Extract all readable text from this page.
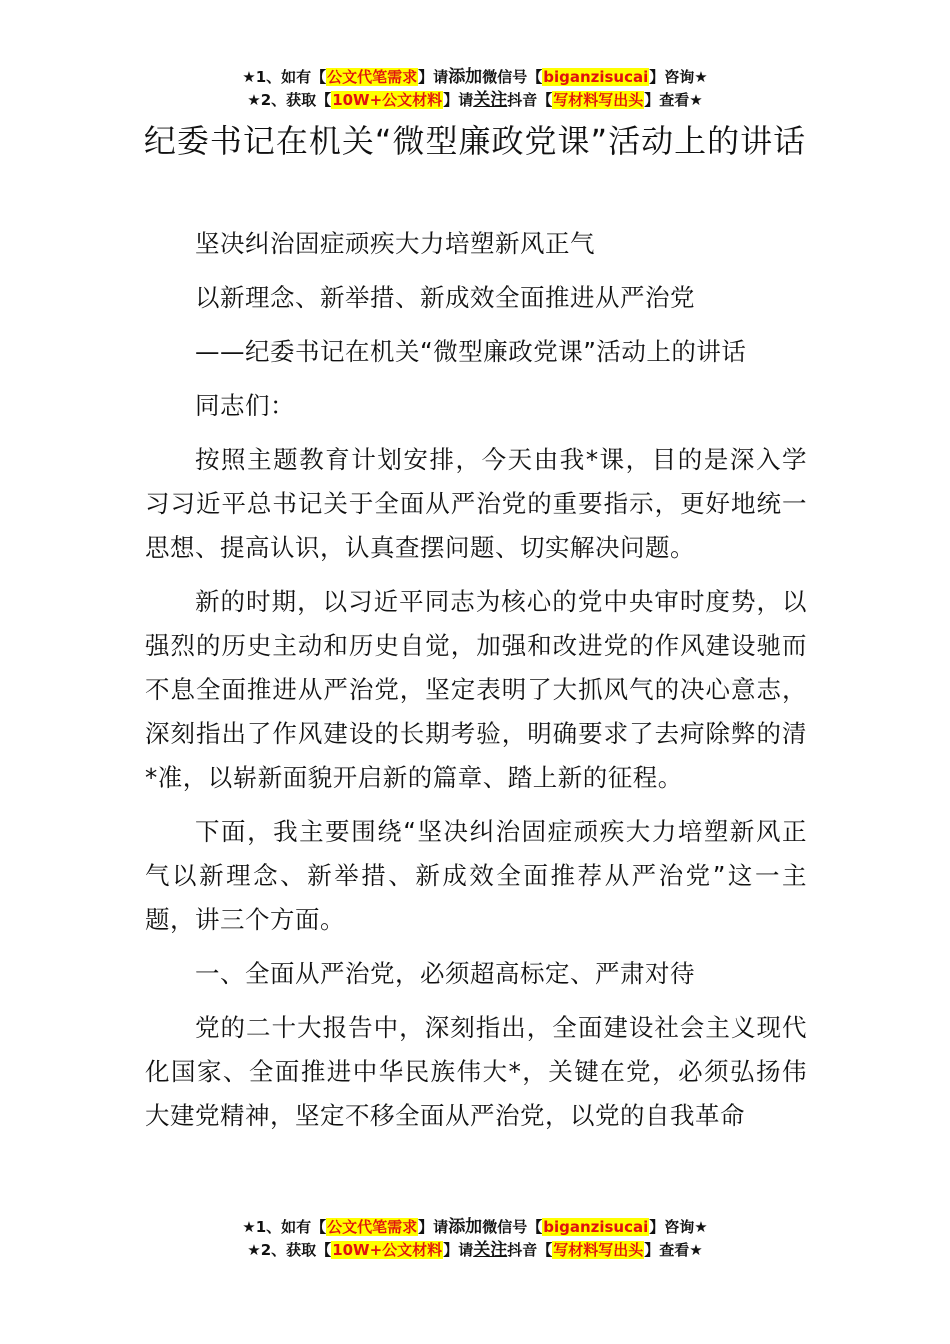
★1、如有【公文代笔需求】请添加微信号【biganzisucai】咨询★
★2、获取【10W+公文材料】请关注抖音【写材料写出头】查看★
纪委书记在机关“微型廉政党课”活动上的讲话

坚决纠治固症顽疾大力培塑新风正气

以新理念、新举措、新成效全面推进从严治党

——纪委书记在机关“微型廉政党课”活动上的讲话

同志们：

按照主题教育计划安排，今天由我*课，目的是深入学习习近平总书记关于全面从严治党的重要指示，更好地统一思想、提高认识，认真查摆问题、切实解决问题。

新的时期，以习近平同志为核心的党中央审时度势，以强烈的历史主动和历史自觉，加强和改进党的作风建设驰而不息全面推进从严治党，坚定表明了大抓风气的决心意志，深刻指出了作风建设的长期考验，明确要求了去疴除弊的清*准，以崭新面貌开启新的篇章、踏上新的征程。

下面，我主要围绕“坚决纠治固症顽疾大力培塑新风正气以新理念、新举措、新成效全面推荐从严治党”这一主题，讲三个方面。

一、全面从严治党，必须超高标定、严肃对待

党的二十大报告中，深刻指出，全面建设社会主义现代化国家、全面推进中华民族伟大*，关键在党，必须弘扬伟大建党精神，坚定不移全面从严治党，以党的自我革命

★1、如有【公文代笔需求】请添加微信号【biganzisucai】咨询★
★2、获取【10W+公文材料】请关注抖音【写材料写出头】查看★
